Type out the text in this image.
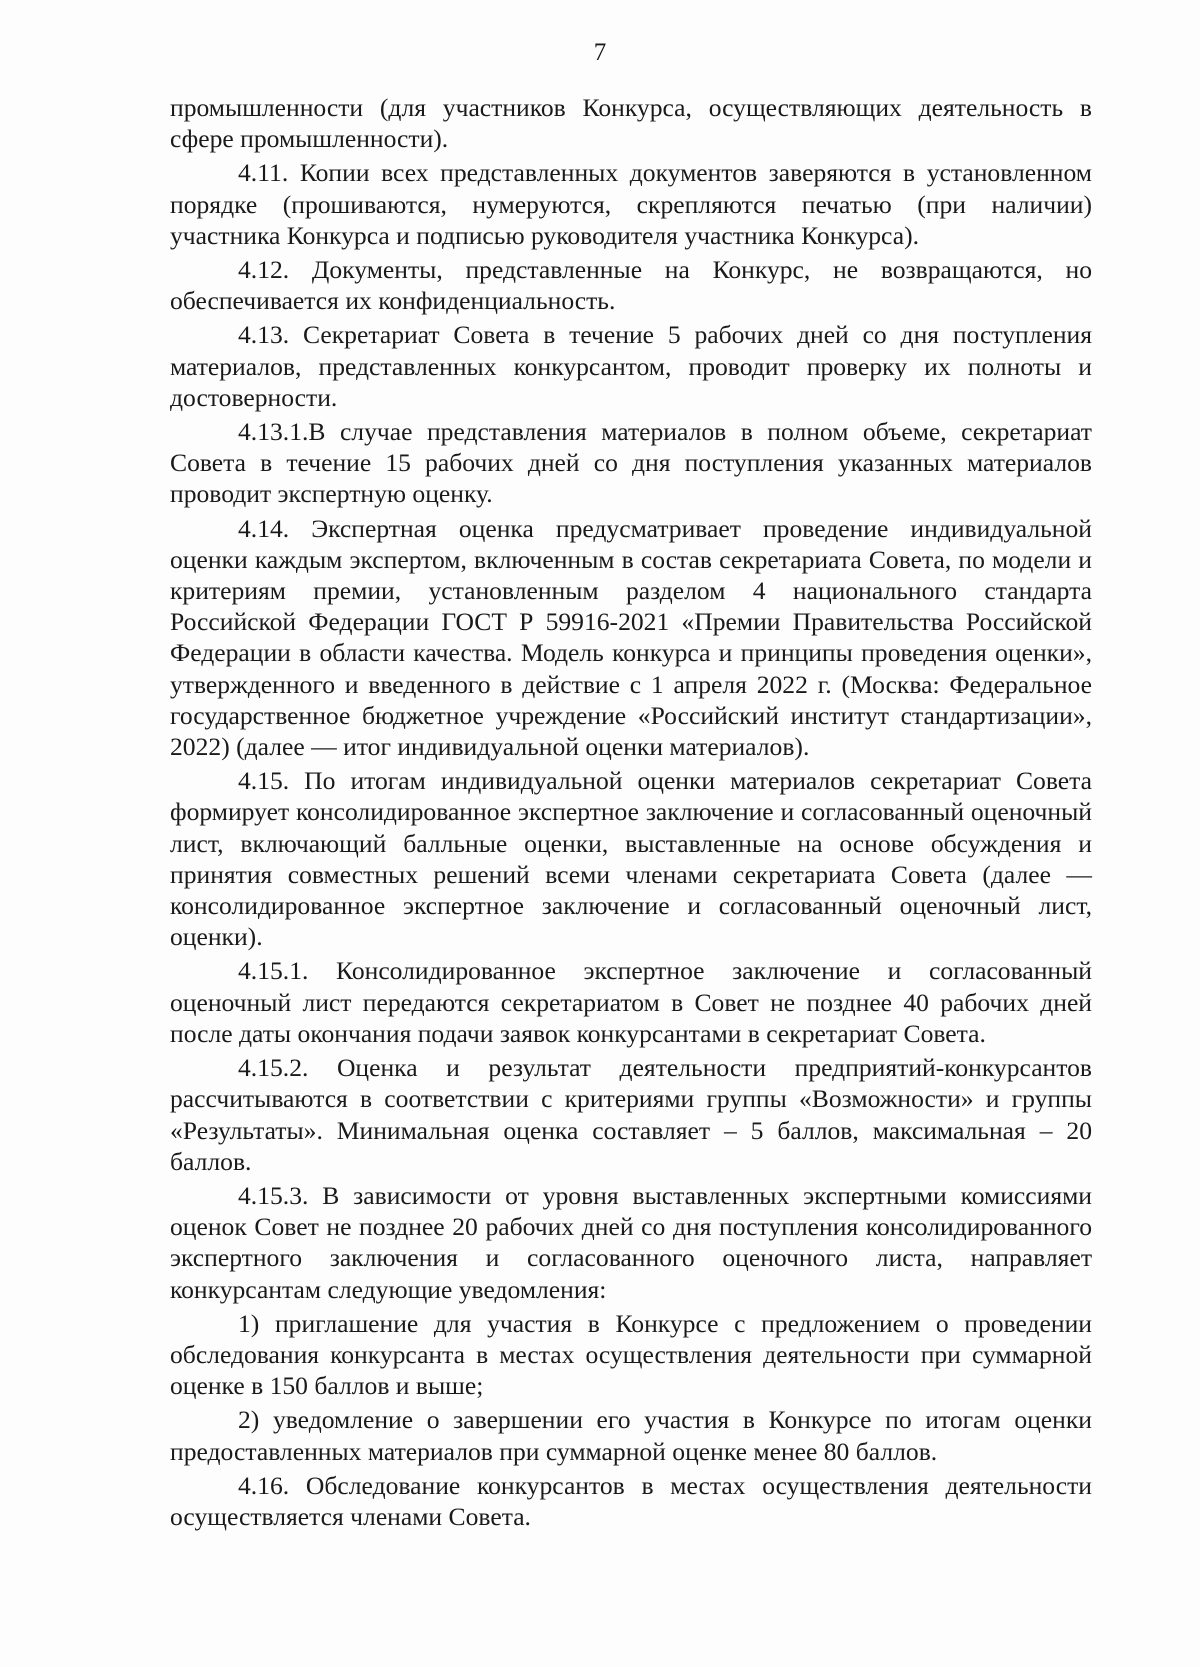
7

промышленности (для участников Конкурса, осуществляющих деятельность в сфере промышленности).

4.11. Копии всех представленных документов заверяются в установленном порядке (прошиваются, нумеруются, скрепляются печатью (при наличии) участника Конкурса и подписью руководителя участника Конкурса).

4.12. Документы, представленные на Конкурс, не возвращаются, но обеспечивается их конфиденциальность.

4.13. Секретариат Совета в течение 5 рабочих дней со дня поступления материалов, представленных конкурсантом, проводит проверку их полноты и достоверности.

4.13.1.В случае представления материалов в полном объеме, секретариат Совета в течение 15 рабочих дней со дня поступления указанных материалов проводит экспертную оценку.

4.14. Экспертная оценка предусматривает проведение индивидуальной оценки каждым экспертом, включенным в состав секретариата Совета, по модели и критериям премии, установленным разделом 4 национального стандарта Российской Федерации ГОСТ Р 59916-2021 «Премии Правительства Российской Федерации в области качества. Модель конкурса и принципы проведения оценки», утвержденного и введенного в действие с 1 апреля 2022 г. (Москва: Федеральное государственное бюджетное учреждение «Российский институт стандартизации», 2022) (далее — итог индивидуальной оценки материалов).

4.15. По итогам индивидуальной оценки материалов секретариат Совета формирует консолидированное экспертное заключение и согласованный оценочный лист, включающий балльные оценки, выставленные на основе обсуждения и принятия совместных решений всеми членами секретариата Совета (далее — консолидированное экспертное заключение и согласованный оценочный лист, оценки).

4.15.1. Консолидированное экспертное заключение и согласованный оценочный лист передаются секретариатом в Совет не позднее 40 рабочих дней после даты окончания подачи заявок конкурсантами в секретариат Совета.

4.15.2. Оценка и результат деятельности предприятий-конкурсантов рассчитываются в соответствии с критериями группы «Возможности» и группы «Результаты». Минимальная оценка составляет – 5 баллов, максимальная – 20 баллов.

4.15.3. В зависимости от уровня выставленных экспертными комиссиями оценок Совет не позднее 20 рабочих дней со дня поступления консолидированного экспертного заключения и согласованного оценочного листа, направляет конкурсантам следующие уведомления:

1) приглашение для участия в Конкурсе с предложением о проведении обследования конкурсанта в местах осуществления деятельности при суммарной оценке в 150 баллов и выше;

2) уведомление о завершении его участия в Конкурсе по итогам оценки предоставленных материалов при суммарной оценке менее 80 баллов.

4.16. Обследование конкурсантов в местах осуществления деятельности осуществляется членами Совета.
